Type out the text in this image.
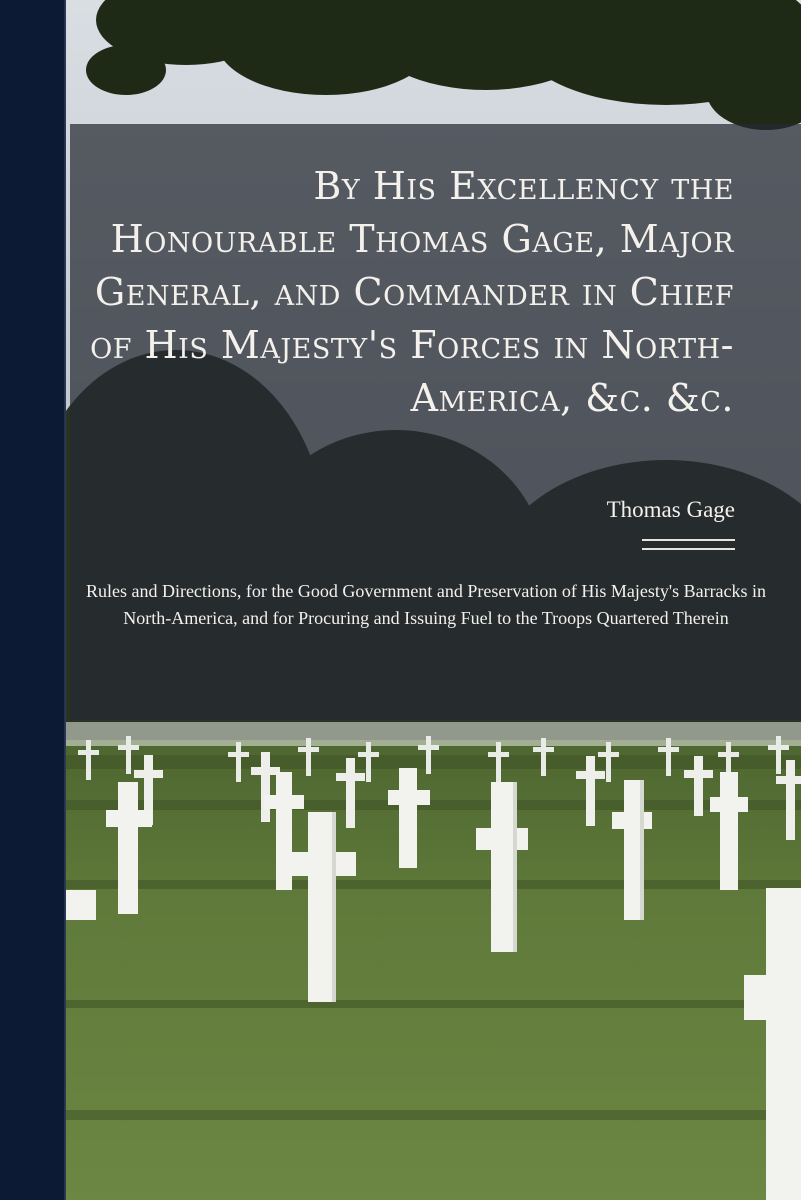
By His Excellency the Honourable Thomas Gage, Major General, and Commander in Chief of His Majesty's Forces in North-America, &c. &c.

Thomas Gage

Rules and Directions, for the Good Government and Preservation of His Majesty's Barracks in North-America, and for Procuring and Issuing Fuel to the Troops Quartered Therein
